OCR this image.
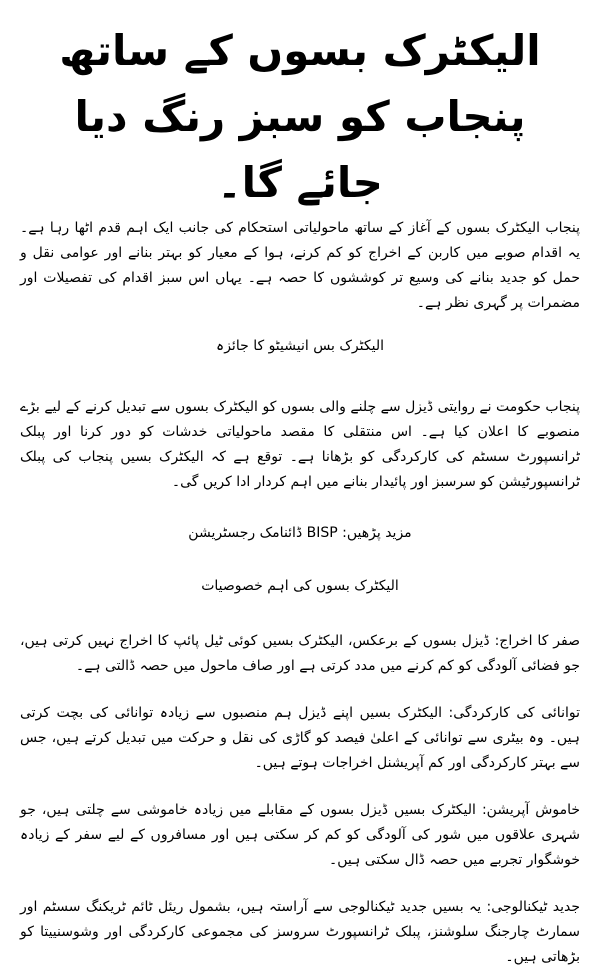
الیکٹرک بسوں کے ساتھ پنجاب کو سبز رنگ دیا جائے گا۔

پنجاب الیکٹرک بسوں کے آغاز کے ساتھ ماحولیاتی استحکام کی جانب ایک اہم قدم اٹھا رہا ہے۔ یہ اقدام صوبے میں کاربن کے اخراج کو کم کرنے، ہوا کے معیار کو بہتر بنانے اور عوامی نقل و حمل کو جدید بنانے کی وسیع تر کوششوں کا حصہ ہے۔ یہاں اس سبز اقدام کی تفصیلات اور مضمرات پر گہری نظر ہے۔

الیکٹرک بس انیشیٹو کا جائزہ

پنجاب حکومت نے روایتی ڈیزل سے چلنے والی بسوں کو الیکٹرک بسوں سے تبدیل کرنے کے لیے بڑے منصوبے کا اعلان کیا ہے۔ اس منتقلی کا مقصد ماحولیاتی خدشات کو دور کرنا اور پبلک ٹرانسپورٹ سسٹم کی کارکردگی کو بڑھانا ہے۔ توقع ہے کہ الیکٹرک بسیں پنجاب کی پبلک ٹرانسپورٹیشن کو سرسبز اور پائیدار بنانے میں اہم کردار ادا کریں گی۔

مزید پڑھیں: BISP ڈائنامک رجسٹریشن

الیکٹرک بسوں کی اہم خصوصیات

صفر کا اخراج: ڈیزل بسوں کے برعکس، الیکٹرک بسیں کوئی ٹیل پائپ کا اخراج نہیں کرتی ہیں، جو فضائی آلودگی کو کم کرنے میں مدد کرتی ہے اور صاف ماحول میں حصہ ڈالتی ہے۔

توانائی کی کارکردگی: الیکٹرک بسیں اپنے ڈیزل ہم منصبوں سے زیادہ توانائی کی بچت کرتی ہیں۔ وہ بیٹری سے توانائی کے اعلیٰ فیصد کو گاڑی کی نقل و حرکت میں تبدیل کرتے ہیں، جس سے بہتر کارکردگی اور کم آپریشنل اخراجات ہوتے ہیں۔

خاموش آپریشن: الیکٹرک بسیں ڈیزل بسوں کے مقابلے میں زیادہ خاموشی سے چلتی ہیں، جو شہری علاقوں میں شور کی آلودگی کو کم کر سکتی ہیں اور مسافروں کے لیے سفر کے زیادہ خوشگوار تجربے میں حصہ ڈال سکتی ہیں۔

جدید ٹیکنالوجی: یہ بسیں جدید ٹیکنالوجی سے آراستہ ہیں، بشمول ریئل ٹائم ٹریکنگ سسٹم اور سمارٹ چارجنگ سلوشنز، پبلک ٹرانسپورٹ سروسز کی مجموعی کارکردگی اور وشوسنییتا کو بڑھاتی ہیں۔
